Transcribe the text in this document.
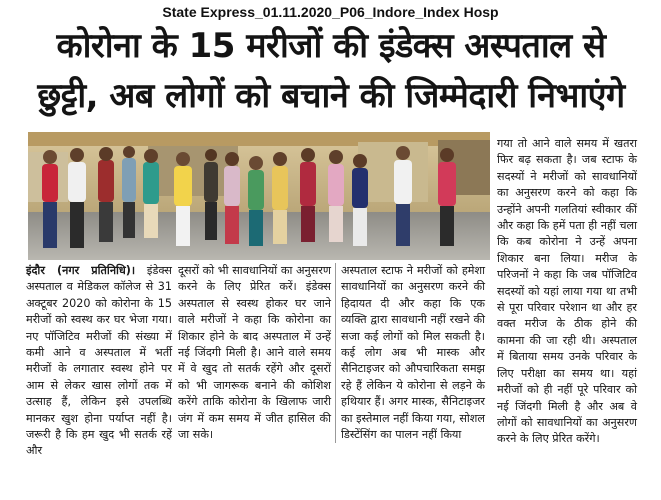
State Express_01.11.2020_P06_Indore_Index Hosp
कोरोना के 15 मरीजों की इंडेक्स अस्पताल से
छुट्टी, अब लोगों को बचाने की जिम्मेदारी निभाएंगे

इंदौर (नगर प्रतिनिधि)। इंडेक्स अस्पताल व मेडिकल कॉलेज से 31 अक्टूबर 2020 को कोरोना के 15 मरीजों को स्वस्थ कर घर भेजा गया। नए पॉजिटिव मरीजों की संख्या में कमी आने व अस्पताल में भर्ती मरीजों के लगातार स्वस्थ होने पर आम से लेकर खास लोगों तक में उत्साह हैं, लेकिन इसे उपलब्धि मानकर खुश होना पर्याप्त नहीं है। जरूरी है कि हम खुद भी सतर्क रहें और

दूसरों को भी सावधानियों का अनुसरण करने के लिए प्रेरित करें। इंडेक्स अस्पताल से स्वस्थ होकर घर जाने वाले मरीजों ने कहा कि कोरोना का शिकार होने के बाद अस्पताल में उन्हें नई जिंदगी मिली है। आने वाले समय में वे खुद तो सतर्क रहेंगे और दूसरों को भी जागरूक बनाने की कोशिश करेंगे ताकि कोरोना के खिलाफ जारी जंग में कम समय में जीत हासिल की जा सके।

अस्पताल स्टाफ ने मरीजों को हमेशा सावधानियों का अनुसरण करने की हिदायत दी और कहा कि एक व्यक्ति द्वारा सावधानी नहीं रखने की सजा कई लोगों को मिल सकती है। कई लोग अब भी मास्क और सैनिटाइजर को औपचारिकता समझ रहे हैं लेकिन ये कोरोना से लड़ने के हथियार हैं। अगर मास्क, सैनिटाइजर का इस्तेमाल नहीं किया गया, सोशल डिस्टेंसिंग का पालन नहीं किया

गया तो आने वाले समय में खतरा फिर बढ़ सकता है। जब स्टाफ के सदस्यों ने मरीजों को सावधानियों का अनुसरण करने को कहा कि उन्होंने अपनी गलतियां स्वीकार कीं और कहा कि हमें पता ही नहीं चला कि कब कोरोना ने उन्हें अपना शिकार बना लिया। मरीज के परिजनों ने कहा कि जब पॉजिटिव सदस्यों को यहां लाया गया था तभी से पूरा परिवार परेशान था और हर वक्त मरीज के ठीक होने की कामना की जा रही थी। अस्पताल में बिताया समय उनके परिवार के लिए परीक्षा का समय था। यहां मरीजों को ही नहीं पूरे परिवार को नई जिंदगी मिली है और अब वे लोगों को सावधानियों का अनुसरण करने के लिए प्रेरित करेंगे।
